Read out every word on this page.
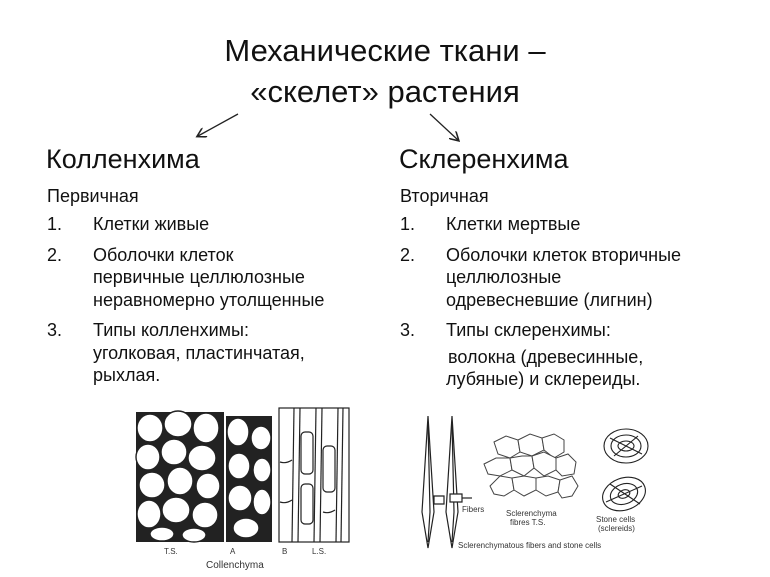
Механические ткани –
«скелет» растения
Колленхима
Первичная
1. Клетки живые
2. Оболочки клеток
первичные целлюлозные
неравномерно утолщенные
3. Типы колленхимы:
уголковая, пластинчатая,
рыхлая.
Склеренхима
Вторичная
1. Клетки мертвые
2. Оболочки клеток вторичные
целлюлозные
одревесневшие (лигнин)
3. Типы склеренхимы:
волокна (древесинные,
лубяные) и склереиды.
T.S.	A	B	L.S.
Collenchyma
Fibers	Sclerenchyma
fibres T.S.	Stone cells
(sclereids)
Sclerenchymatous fibers and stone cells
